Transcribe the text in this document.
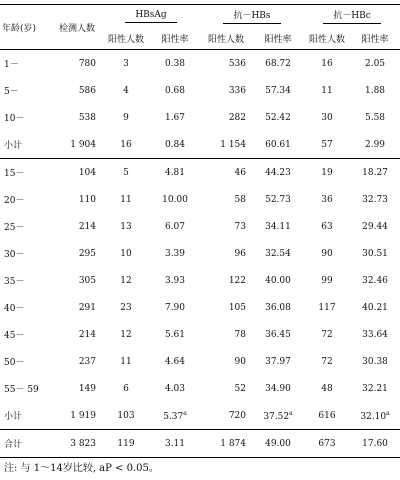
年龄(岁)	检测人数	HBsAg		抗－HBs		抗－HBc	
		阳性人数	阳性率	阳性人数	阳性率	阳性人数	阳性率
1－	780	3	0.38	536	68.72	16	2.05
5－	586	4	0.68	336	57.34	11	1.88
10－	538	9	1.67	282	52.42	30	5.58
小计	1 904	16	0.84	1 154	60.61	57	2.99
15－	104	5	4.81	46	44.23	19	18.27
20－	110	11	10.00	58	52.73	36	32.73
25－	214	13	6.07	73	34.11	63	29.44
30－	295	10	3.39	96	32.54	90	30.51
35－	305	12	3.93	122	40.00	99	32.46
40－	291	23	7.90	105	36.08	117	40.21
45－	214	12	5.61	78	36.45	72	33.64
50－	237	11	4.64	90	37.97	72	30.38
55－ 59	149	6	4.03	52	34.90	48	32.21
小计	1 919	103	5.37$^a$	720	37.52$^a$	616	32.10$^a$
合计	3 823	119	3.11	1 874	49.00	673	17.60
注: 与 1～14岁比较, aP < 0.05。
